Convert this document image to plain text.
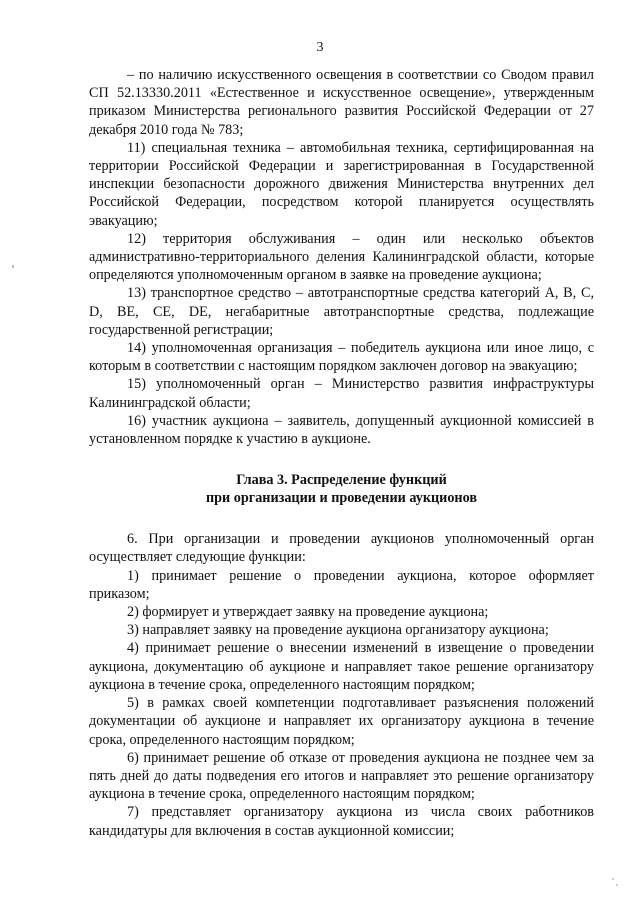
3

– по наличию искусственного освещения в соответствии со Сводом правил СП 52.13330.2011 «Естественное и искусственное освещение», утвержденным приказом Министерства регионального развития Российской Федерации от 27 декабря 2010 года № 783;

11) специальная техника – автомобильная техника, сертифицированная на территории Российской Федерации и зарегистрированная в Государственной инспекции безопасности дорожного движения Министерства внутренних дел Российской Федерации, посредством которой планируется осуществлять эвакуацию;

12) территория обслуживания – один или несколько объектов административно-территориального деления Калининградской области, которые определяются уполномоченным органом в заявке на проведение аукциона;

13) транспортное средство – автотранспортные средства категорий A, B, C, D, BE, CE, DE, негабаритные автотранспортные средства, подлежащие государственной регистрации;

14) уполномоченная организация – победитель аукциона или иное лицо, с которым в соответствии с настоящим порядком заключен договор на эвакуацию;

15) уполномоченный орган – Министерство развития инфраструктуры Калининградской области;

16) участник аукциона – заявитель, допущенный аукционной комиссией в установленном порядке к участию в аукционе.

Глава 3. Распределение функций
при организации и проведении аукционов

6. При организации и проведении аукционов уполномоченный орган осуществляет следующие функции:

1) принимает решение о проведении аукциона, которое оформляет приказом;

2) формирует и утверждает заявку на проведение аукциона;

3) направляет заявку на проведение аукциона организатору аукциона;

4) принимает решение о внесении изменений в извещение о проведении аукциона, документацию об аукционе и направляет такое решение организатору аукциона в течение срока, определенного настоящим порядком;

5) в рамках своей компетенции подготавливает разъяснения положений документации об аукционе и направляет их организатору аукциона в течение срока, определенного настоящим порядком;

6) принимает решение об отказе от проведения аукциона не позднее чем за пять дней до даты подведения его итогов и направляет это решение организатору аукциона в течение срока, определенного настоящим порядком;

7) представляет организатору аукциона из числа своих работников кандидатуры для включения в состав аукционной комиссии;
